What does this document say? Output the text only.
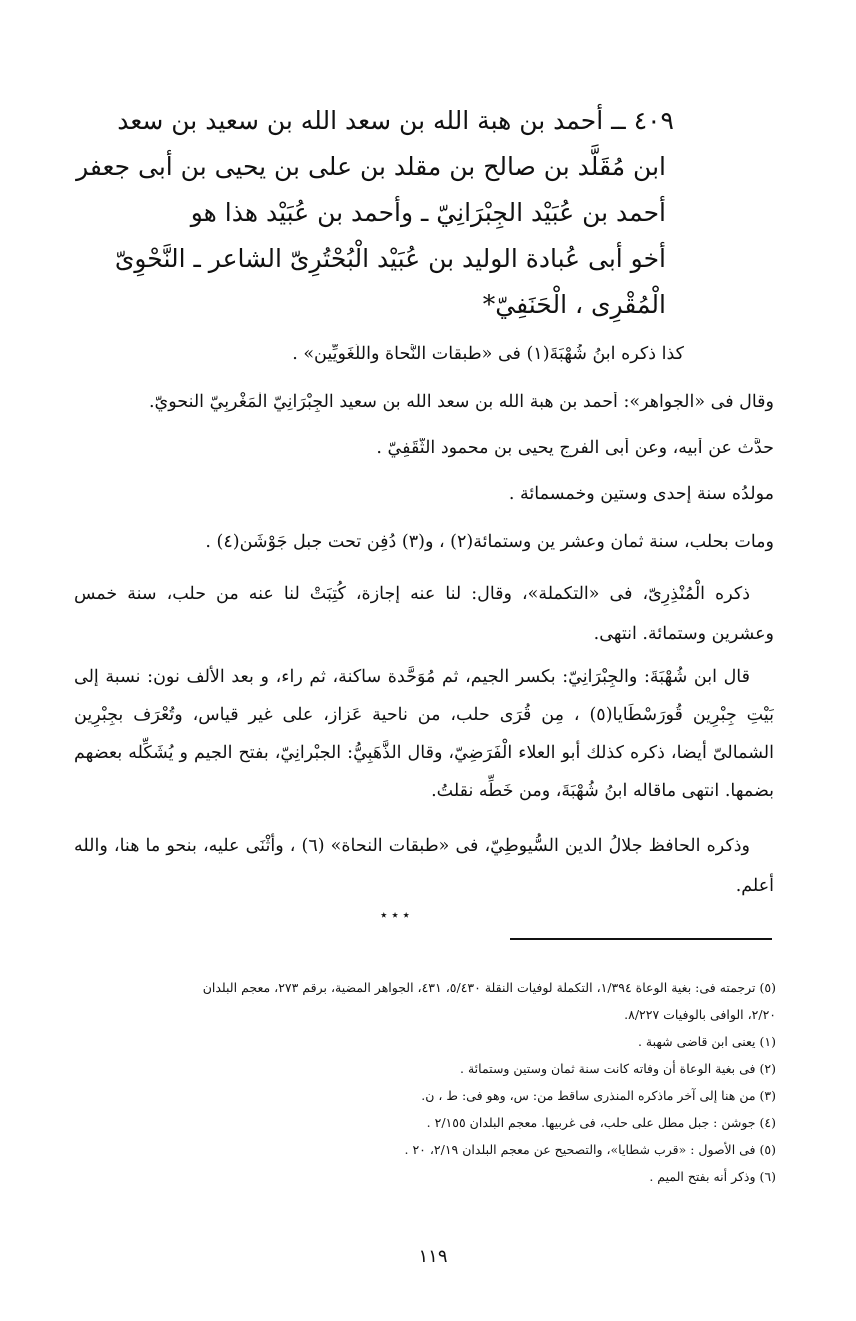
٤٠٩ ــ أحمد بن هبة الله بن سعد الله بن سعيد بن سعد
ابن مُقَلَّد بن صالح بن مقلد بن على بن يحيى بن أبى جعفر
أحمد بن عُبَيْد الجِبْرَانِيّ ـ وأحمد بن عُبَيْد هذا هو
أخو أبى عُبادة الوليد بن عُبَيْد الْبُحْتُرِىّ الشاعر ـ النَّحْوِىّ
الْمُقْرِى ، الْحَنَفِيّ*

كذا ذكره ابنُ شُهْبَةَ(١) فى «طبقات النُّحاة واللُّغَوِيِّين» .

وقال فى «الجواهر»: أحمد بن هبة الله بن سعد الله بن سعيد الجِبْرَانِيّ الْمَغْرِبِيّ النحوِيّ.

حدَّث عن أبيه، وعن أبى الفرج يحيى بن محمود الثَّقَفِيّ .

مولدُه سنة إحدى وستين وخمسمائة .

ومات بحلب، سنة ثمان وعشر ين وستمائة(٢) ، و(٣) دُفِن تحت جبل جَوْشَن(٤) .

ذكره الْمُنْذِرِىّ، فى «التكملة»، وقال: لنا عنه إجازة، كُتِبَتْ لنا عنه من حلب، سنة خمس وعشرين وستمائة. انتهى.

قال ابن شُهْبَةَ: والجِبْرَانِيّ: بكسر الجيم، ثم مُوَحَّدة ساكنة، ثم راء، و بعد الألف نون: نسبة إلى بَيْتِ جِبْرِين قُورَسْطَايا(٥) ، مِن قُرَى حلب، من ناحية عَزاز، على غير قياس، وتُعْرَف بجِبْرِين الشمالىّ أيضا، ذكره كذلك أبو العلاء الْفَرَضِيّ، وقال الذَّهَبِيُّ: الجبْرانِيّ، بفتح الجيم و يُشَكِّله بعضهم بضمها. انتهى ماقاله ابنُ شُهْبَةَ، ومن خَطِّه نقلتُ.

وذكره الحافظ جلالُ الدين السُّيوطِيّ، فى «طبقات النحاة» (٦) ، وأثْنَى عليه، بنحو ما هنا، والله أعلم.

٭ ٭ ٭
(٥) ترجمته فى: بغية الوعاة ١/٣٩٤، التكملة لوفيات النقلة ٥/٤٣٠، ٤٣١، الجواهر المضية، برقم ٢٧٣، معجم البلدان
٢/٢٠، الوافى بالوفيات ٨/٢٢٧.
(١) يعنى ابن قاضى شهبة .
(٢) فى بغية الوعاة أن وفاته كانت سنة ثمان وستين وستمائة .
(٣) من هنا إلى آخر ماذكره المنذرى ساقط من: س، وهو فى: ط ، ن.
(٤) جوشن : جبل مطل على حلب، فى غربيها. معجم البلدان ٢/١٥٥ .
(٥) فى الأصول : «قرب شطايا»، والتصحيح عن معجم البلدان ٢/١٩، ٢٠ .
(٦) وذكر أنه بفتح الميم .
١١٩
